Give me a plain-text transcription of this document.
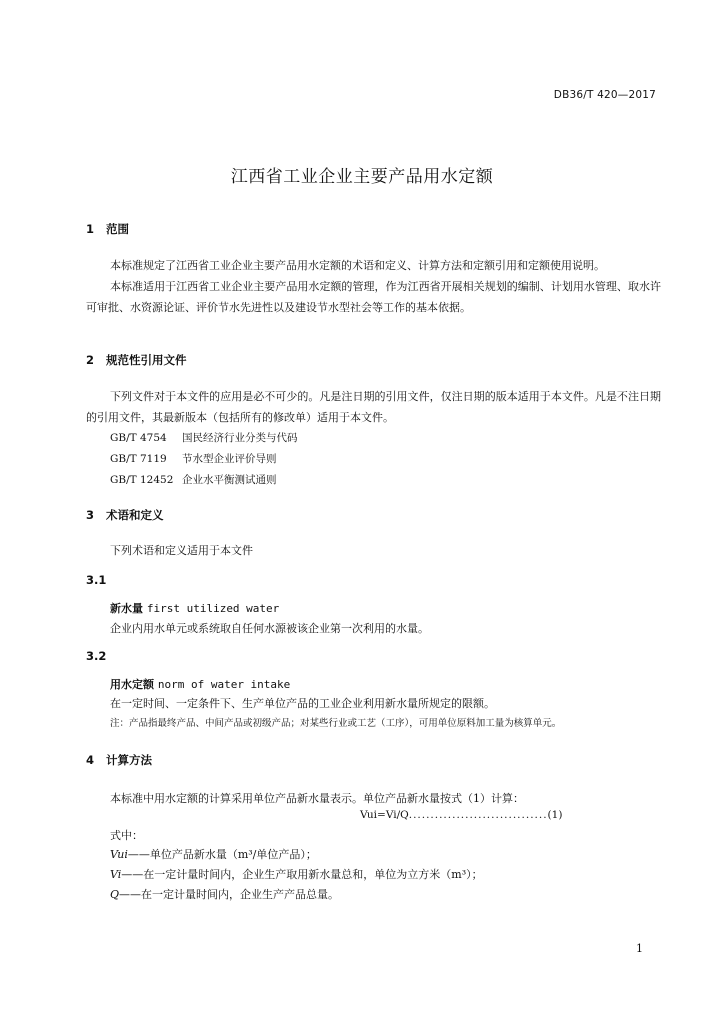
DB36/T 420—2017
江西省工业企业主要产品用水定额
1 范围

本标准规定了江西省工业企业主要产品用水定额的术语和定义、计算方法和定额引用和定额使用说明。

本标准适用于江西省工业企业主要产品用水定额的管理，作为江西省开展相关规划的编制、计划用水管理、取水许可审批、水资源论证、评价节水先进性以及建设节水型社会等工作的基本依据。

2 规范性引用文件

下列文件对于本文件的应用是必不可少的。凡是注日期的引用文件，仅注日期的版本适用于本文件。凡是不注日期的引用文件，其最新版本（包括所有的修改单）适用于本文件。

GB/T 4754 国民经济行业分类与代码
GB/T 7119 节水型企业评价导则
GB/T 12452 企业水平衡测试通则
3 术语和定义
下列术语和定义适用于本文件
3.1
新水量 first utilized water
企业内用水单元或系统取自任何水源被该企业第一次利用的水量。
3.2
用水定额 norm of water intake
在一定时间、一定条件下、生产单位产品的工业企业利用新水量所规定的限额。
注：产品指最终产品、中间产品或初级产品；对某些行业或工艺（工序），可用单位原料加工量为核算单元。
4 计算方法
本标准中用水定额的计算采用单位产品新水量表示。单位产品新水量按式（1）计算：
Vui=Vi/Q................................(1)
式中：
Vui——单位产品新水量（m³/单位产品）；
Vi——在一定计量时间内，企业生产取用新水量总和，单位为立方米（m³）；
Q——在一定计量时间内，企业生产产品总量。
1
